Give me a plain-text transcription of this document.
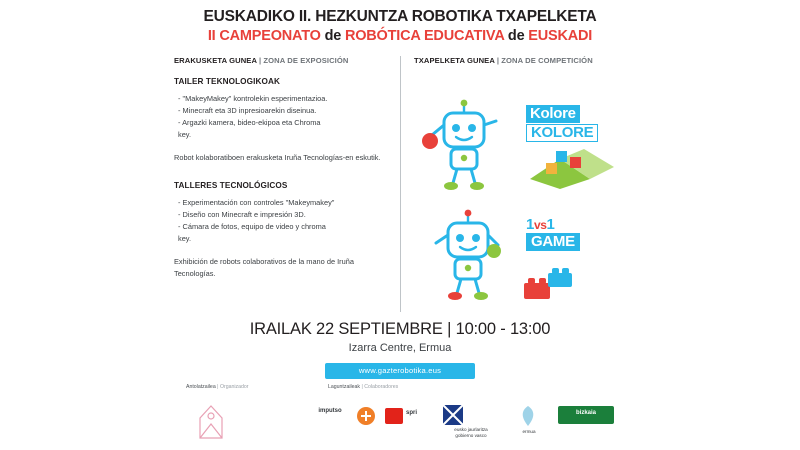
EUSKADIKO II. HEZKUNTZA ROBOTIKA TXAPELKETA
II CAMPEONATO de ROBÓTICA EDUCATIVA de EUSKADI
ERAKUSKETA GUNEA | ZONA DE EXPOSICIÓN
TAILER TEKNOLOGIKOAK
- "MakeyMakey" kontrolekin esperimentazioa.
- Minecraft eta 3D inpresioarekin diseinua.
- Argazki kamera, bideo-ekipoa eta Chroma
key.
Robot kolaboratiboen erakusketa Iruña Tecnologías-en eskutik.
TALLERES TECNOLÓGICOS
- Experimentación con controles "Makeymakey"
- Diseño con Minecraft e impresión 3D.
- Cámara de fotos, equipo de video y chroma
key.
Exhibición de robots colaborativos de la mano de Iruña Tecnologías.
TXAPELKETA GUNEA | ZONA DE COMPETICIÓN
Kolore
KOLORE
1vs1
GAME
IRAILAK 22 SEPTIEMBRE | 10:00 - 13:00
Izarra Centre, Ermua
www.gazterobotika.eus
Antolatzailea | Organizador	Laguntzaileak | Colaboradores
imputso	spri
eusko jaurlaritza
gobierno vasco
ermua
bizkaia
